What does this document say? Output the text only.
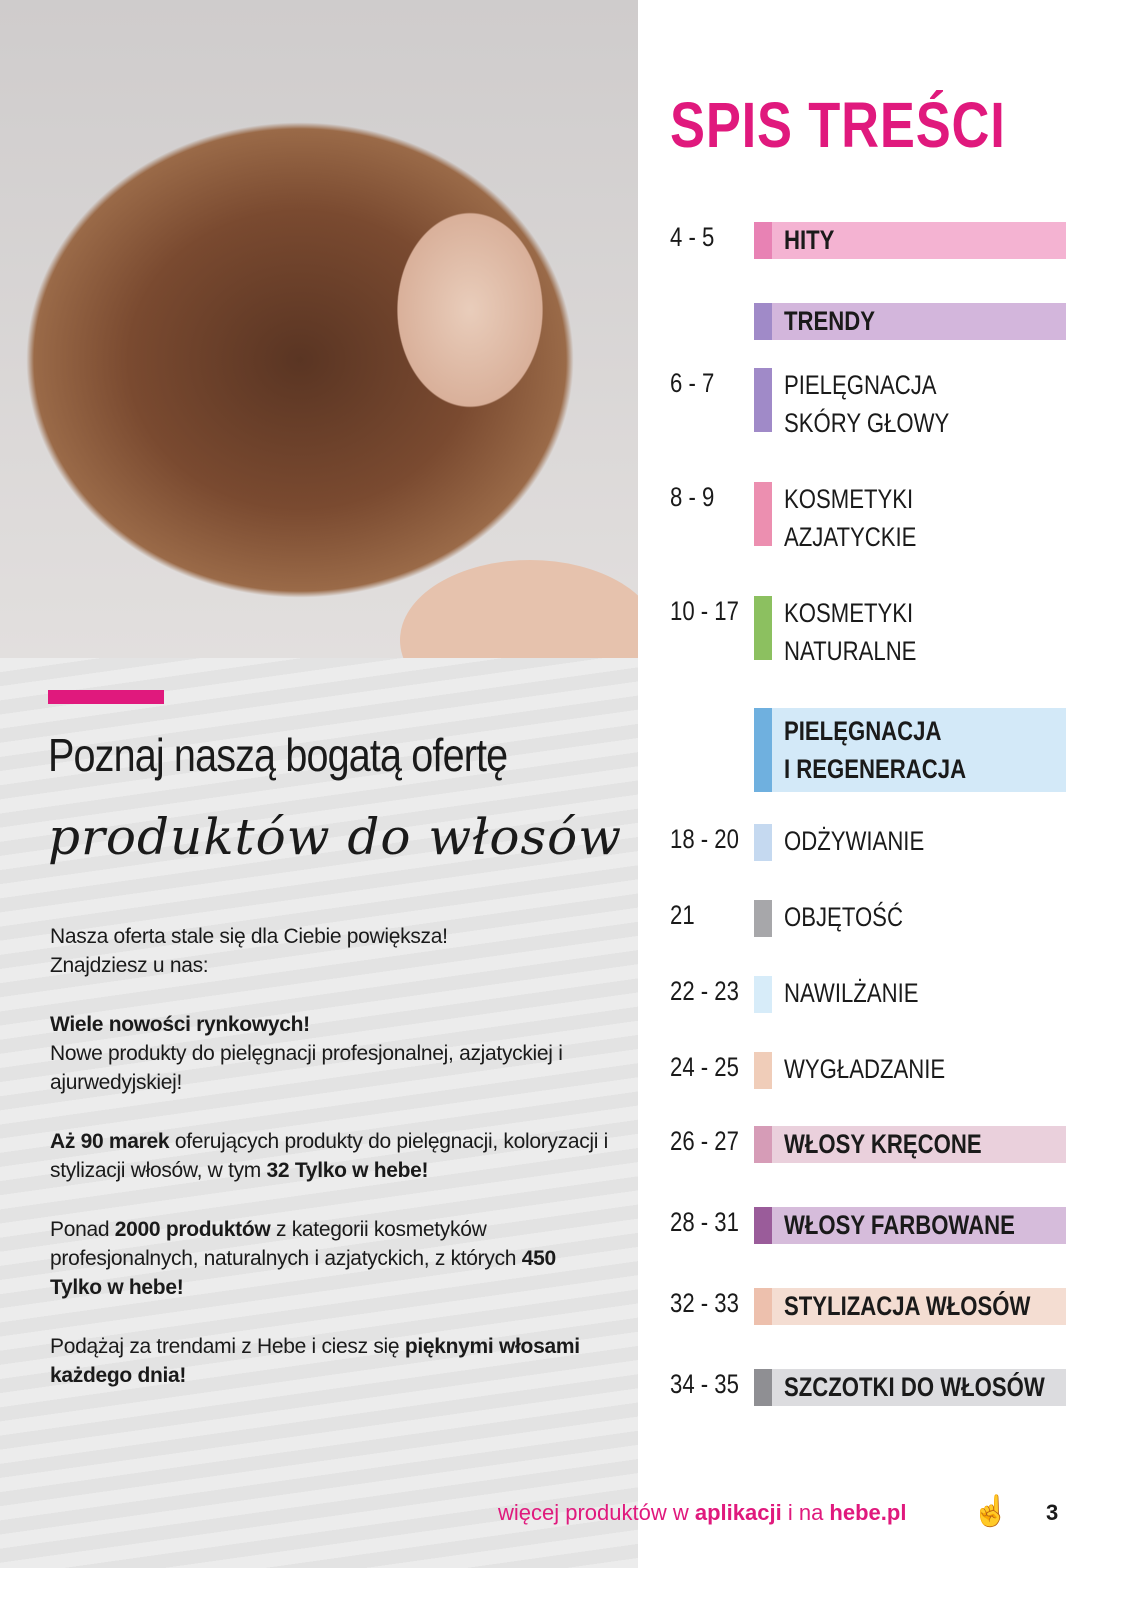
Poznaj naszą bogatą ofertę
produktów do włosów

Nasza oferta stale się dla Ciebie powiększa!
Znajdziesz u nas:

Wiele nowości rynkowych!
Nowe produkty do pielęgnacji profesjonalnej, azjatyckiej i ajurwedyjskiej!

Aż 90 marek oferujących produkty do pielęgnacji, koloryzacji i stylizacji włosów, w tym 32 Tylko w hebe!

Ponad 2000 produktów z kategorii kosmetyków profesjonalnych, naturalnych i azjatyckich, z których 450 Tylko w hebe!

Podążaj za trendami z Hebe i ciesz się pięknymi włosami każdego dnia!

SPIS TREŚCI
4 - 5	HITY
TRENDY
6 - 7	PIELĘGNACJA
SKÓRY GŁOWY
8 - 9	KOSMETYKI
AZJATYCKIE
10 - 17 KOSMETYKI
NATURALNE
PIELĘGNACJA
I REGENERACJA
18 - 20 ODŻYWIANIE
21	OBJĘTOŚĆ
22 - 23 NAWILŻANIE
24 - 25 WYGŁADZANIE
26 - 27 WŁOSY KRĘCONE
28 - 31 WŁOSY FARBOWANE
32 - 33 STYLIZACJA WŁOSÓW
34 - 35 SZCZOTKI DO WŁOSÓW
więcej produktów w aplikacji i na hebe.pl ☝ 3
